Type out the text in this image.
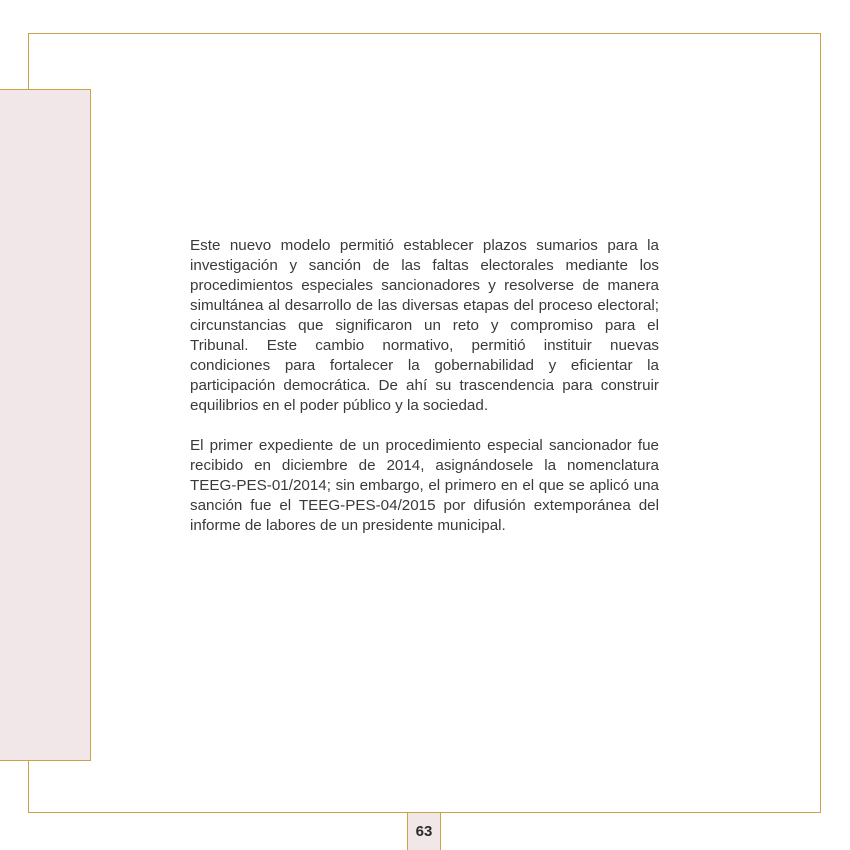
Este nuevo modelo permitió establecer plazos sumarios para la investigación y sanción de las faltas electorales mediante los procedimientos especiales sancionadores y resolverse de manera simultánea al desarrollo de las diversas etapas del proceso electoral; circunstancias que significaron un reto y compromiso para el Tribunal. Este cambio normativo, permitió instituir nuevas condiciones para fortalecer la gobernabilidad y eficientar la participación democrática. De ahí su trascendencia para construir equilibrios en el poder público y la sociedad.

El primer expediente de un procedimiento especial sancionador fue recibido en diciembre de 2014, asignándosele la nomenclatura TEEG-PES-01/2014; sin embargo, el primero en el que se aplicó una sanción fue el TEEG-PES-04/2015 por difusión extemporánea del informe de labores de un presidente municipal.

63
